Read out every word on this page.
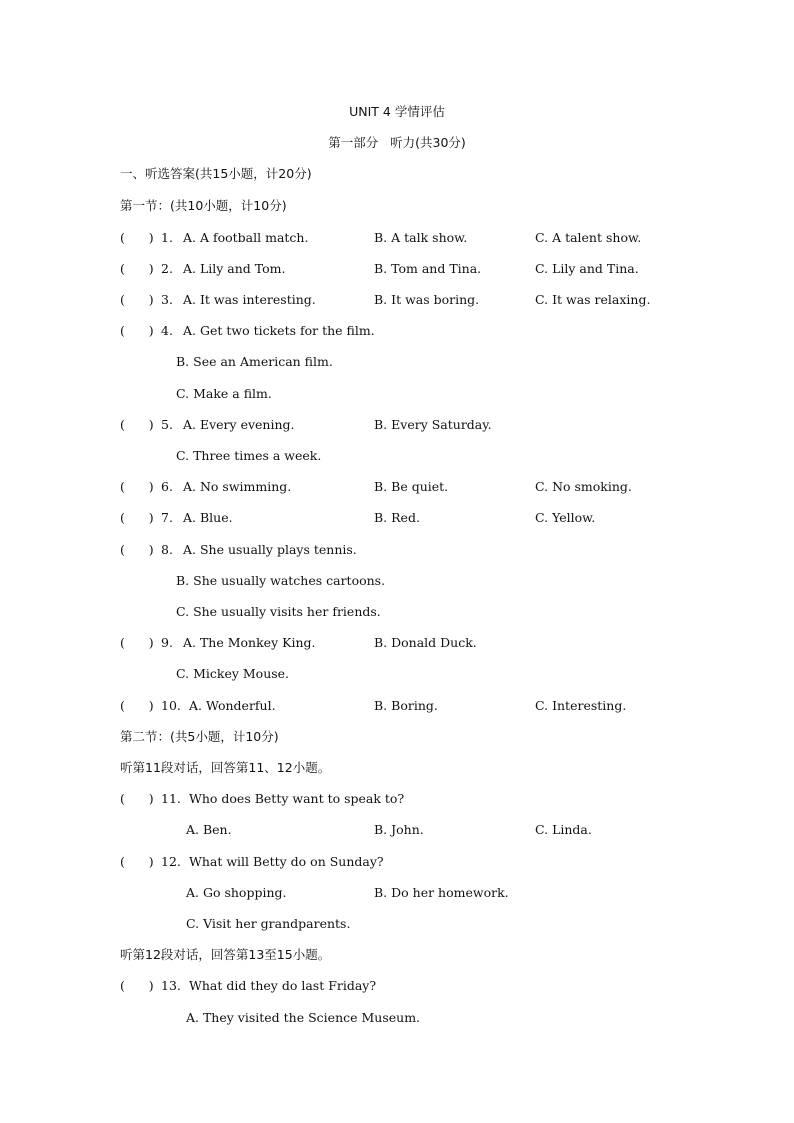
UNIT 4 学情评估
第一部分   听力(共30分)
一、听选答案(共15小题，计20分)
第一节：(共10小题，计10分)
(      ) 1. A. A football match.	B. A talk show.	C. A talent show.
(      ) 2. A. Lily and Tom.	B. Tom and Tina.	C. Lily and Tina.
(      ) 3. A. It was interesting.	B. It was boring.	C. It was relaxing.
(      ) 4. A. Get two tickets for the film.
B. See an American film.
C. Make a film.
(      ) 5. A. Every evening.	B. Every Saturday.
C. Three times a week.
(      ) 6. A. No swimming.	B. Be quiet.	C. No smoking.
(      ) 7. A. Blue.	B. Red.	C. Yellow.
(      ) 8. A. She usually plays tennis.
B. She usually watches cartoons.
C. She usually visits her friends.
(      ) 9. A. The Monkey King.	B. Donald Duck.
C. Mickey Mouse.
(      ) 10. A. Wonderful.	B. Boring.	C. Interesting.
第二节：(共5小题，计10分)
听第11段对话，回答第11、12小题。
(      ) 11. Who does Betty want to speak to?
A. Ben.	B. John.	C. Linda.
(      ) 12. What will Betty do on Sunday?
A. Go shopping.	B. Do her homework.
C. Visit her grandparents.
听第12段对话，回答第13至15小题。
(      ) 13. What did they do last Friday?
A. They visited the Science Museum.
